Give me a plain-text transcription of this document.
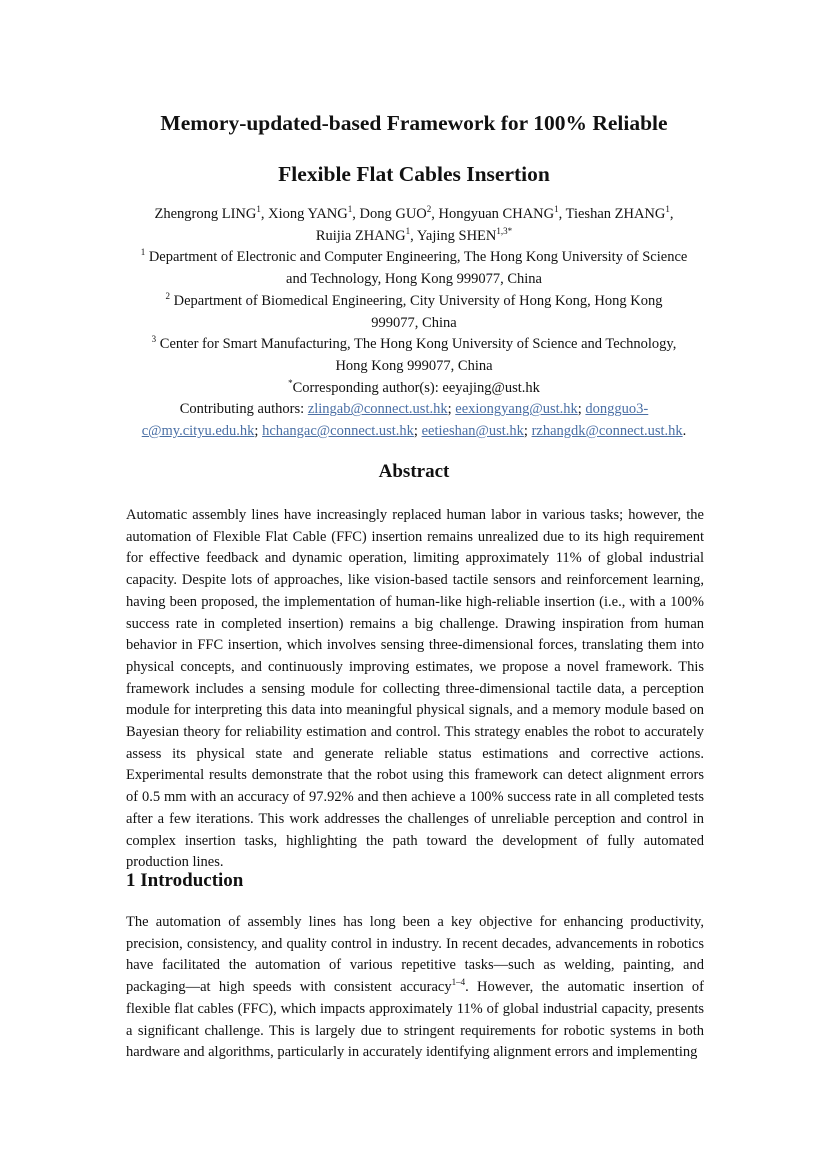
Memory-updated-based Framework for 100% Reliable
Flexible Flat Cables Insertion

Zhengrong LING$^1$, Xiong YANG$^1$, Dong GUO$^2$, Hongyuan CHANG$^1$, Tieshan ZHANG$^1$,

Ruijia ZHANG$^1$, Yajing $SHEN^{1,3*}$

$^1$ Department of Electronic and Computer Engineering, The Hong Kong University of Science

and Technology, Hong Kong 999077, China

$^2$ Department of Biomedical Engineering, City University of Hong Kong, Hong Kong

999077, China

$^3$ Center for Smart Manufacturing, The Hong Kong University of Science and Technology,

Hong Kong 999077, China

*Corresponding author(s): eeyajing@ust.hk

Contributing authors: zlingab@connect.ust.hk; eexiongyang@ust.hk; dongguo3-

c@my.cityu.edu.hk; hchangac@connect.ust.hk; eetieshan@ust.hk; rzhangdk@connect.ust.hk.

Abstract

Automatic assembly lines have increasingly replaced human labor in various tasks; however, the automation of Flexible Flat Cable (FFC) insertion remains unrealized due to its high requirement for effective feedback and dynamic operation, limiting approximately 11% of global industrial capacity. Despite lots of approaches, like vision-based tactile sensors and reinforcement learning, having been proposed, the implementation of human-like high-reliable insertion (i.e., with a 100% success rate in completed insertion) remains a big challenge. Drawing inspiration from human behavior in FFC insertion, which involves sensing three-dimensional forces, translating them into physical concepts, and continuously improving estimates, we propose a novel framework. This framework includes a sensing module for collecting three-dimensional tactile data, a perception module for interpreting this data into meaningful physical signals, and a memory module based on Bayesian theory for reliability estimation and control. This strategy enables the robot to accurately assess its physical state and generate reliable status estimations and corrective actions. Experimental results demonstrate that the robot using this framework can detect alignment errors of 0.5 mm with an accuracy of 97.92% and then achieve a 100% success rate in all completed tests after a few iterations. This work addresses the challenges of unreliable perception and control in complex insertion tasks, highlighting the path toward the development of fully automated production lines.

1 Introduction

The automation of assembly lines has long been a key objective for enhancing productivity, precision, consistency, and quality control in industry. In recent decades, advancements in robotics have facilitated the automation of various repetitive tasks—such as welding, painting, and packaging—at high speeds with consistent accuracy$^{1-4}$. However, the automatic insertion of flexible flat cables (FFC), which impacts approximately 11% of global industrial capacity, presents a significant challenge. This is largely due to stringent requirements for robotic systems in both hardware and algorithms, particularly in accurately identifying alignment errors and implementing
